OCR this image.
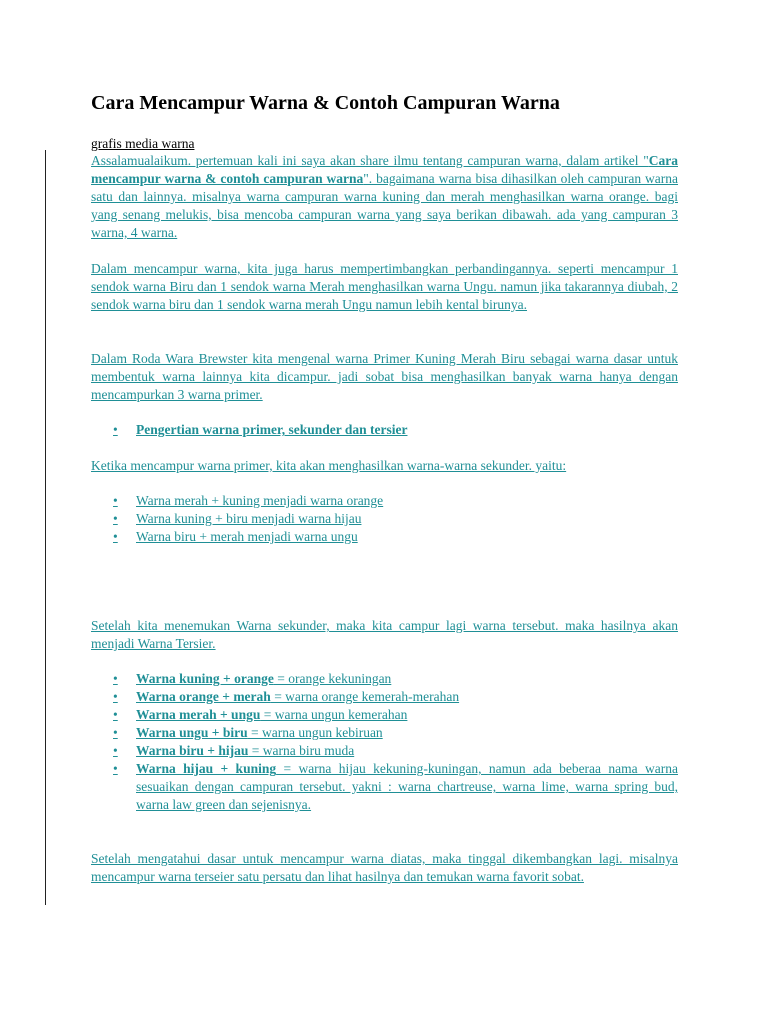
Cara Mencampur Warna & Contoh Campuran Warna
grafis media warna

Assalamualaikum. pertemuan kali ini saya akan share ilmu tentang campuran warna, dalam artikel "Cara mencampur warna & contoh campuran warna". bagaimana warna bisa dihasilkan oleh campuran warna satu dan lainnya. misalnya warna campuran warna kuning dan merah menghasilkan warna orange. bagi yang senang melukis, bisa mencoba campuran warna yang saya berikan dibawah. ada yang campuran 3 warna, 4 warna.

Dalam mencampur warna, kita juga harus mempertimbangkan perbandingannya. seperti mencampur 1 sendok warna Biru dan 1 sendok warna Merah menghasilkan warna Ungu. namun jika takarannya diubah, 2 sendok warna biru dan 1 sendok warna merah Ungu namun lebih kental birunya.

Dalam Roda Wara Brewster kita mengenal warna Primer Kuning Merah Biru sebagai warna dasar untuk membentuk warna lainnya kita dicampur. jadi sobat bisa menghasilkan banyak warna hanya dengan mencampurkan 3 warna primer.

• Pengertian warna primer, sekunder dan tersier

Ketika mencampur warna primer, kita akan menghasilkan warna-warna sekunder. yaitu:

• Warna merah + kuning menjadi warna orange
• Warna kuning + biru menjadi warna hijau
• Warna biru + merah menjadi warna ungu

Setelah kita menemukan Warna sekunder, maka kita campur lagi warna tersebut. maka hasilnya akan menjadi Warna Tersier.

• Warna kuning + orange = orange kekuningan
• Warna orange + merah = warna orange kemerah-merahan
• Warna merah + ungu = warna ungun kemerahan
• Warna ungu + biru = warna ungun kebiruan
• Warna biru + hijau = warna biru muda
• Warna hijau + kuning = warna hijau kekuning-kuningan, namun ada beberaa nama warna sesuaikan dengan campuran tersebut. yakni : warna chartreuse, warna lime, warna spring bud, warna law green dan sejenisnya.

Setelah mengatahui dasar untuk mencampur warna diatas, maka tinggal dikembangkan lagi. misalnya mencampur warna terseier satu persatu dan lihat hasilnya dan temukan warna favorit sobat.
